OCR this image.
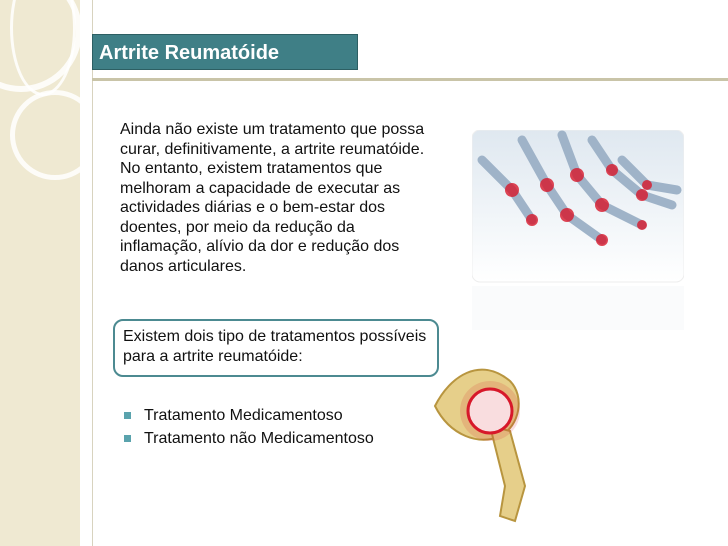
Artrite Reumatóide
Ainda não existe um tratamento que possa curar, definitivamente, a artrite reumatóide. No entanto, existem tratamentos que melhoram a capacidade de executar as actividades diárias e o bem-estar dos doentes, por meio da redução da inflamação, alívio da dor e redução dos danos articulares.
Existem dois tipo de tratamentos possíveis para a artrite reumatóide:
Tratamento Medicamentoso
Tratamento não Medicamentoso
